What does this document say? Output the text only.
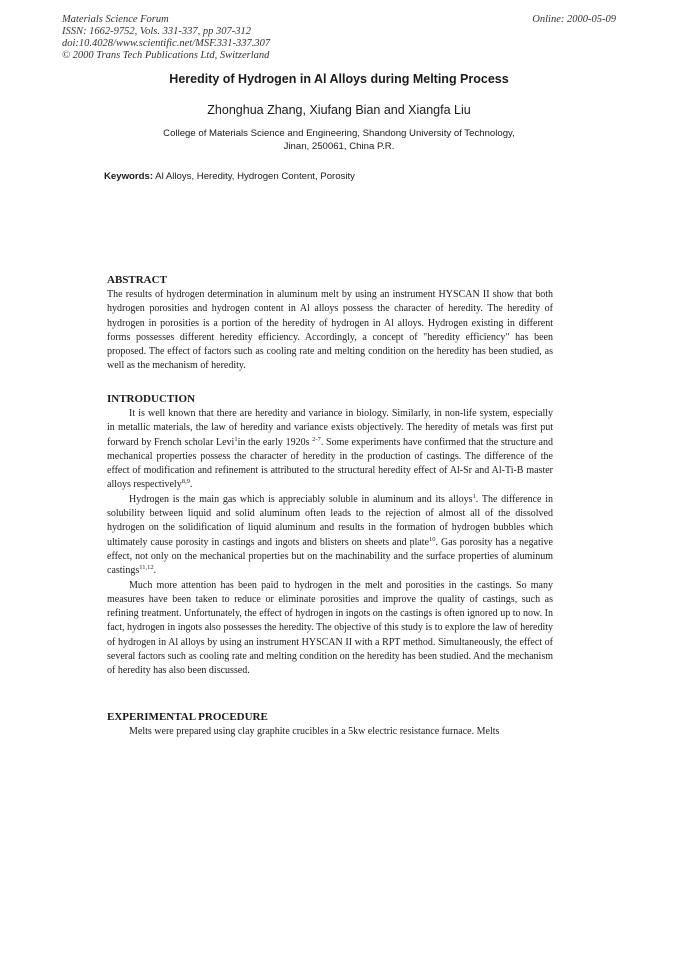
Materials Science Forum
ISSN: 1662-9752, Vols. 331-337, pp 307-312
doi:10.4028/www.scientific.net/MSF.331-337.307
© 2000 Trans Tech Publications Ltd, Switzerland
Online: 2000-05-09
Heredity of Hydrogen in Al Alloys during Melting Process
Zhonghua Zhang, Xiufang Bian and Xiangfa Liu
College of Materials Science and Engineering, Shandong University of Technology,
Jinan, 250061, China P.R.
Keywords: Al Alloys, Heredity, Hydrogen Content, Porosity
ABSTRACT

The results of hydrogen determination in aluminum melt by using an instrument HYSCAN II show that both hydrogen porosities and hydrogen content in Al alloys possess the character of heredity. The heredity of hydrogen in porosities is a portion of the heredity of hydrogen in Al alloys. Hydrogen existing in different forms possesses different heredity efficiency. Accordingly, a concept of "heredity efficiency" has been proposed. The effect of factors such as cooling rate and melting condition on the heredity has been studied, as well as the mechanism of heredity.

INTRODUCTION

It is well known that there are heredity and variance in biology. Similarly, in non-life system, especially in metallic materials, the law of heredity and variance exists objectively. The heredity of metals was first put forward by French scholar Levi$^1$in the early 1920s $^{2-7}$. Some experiments have confirmed that the structure and mechanical properties possess the character of heredity in the production of castings. The difference of the effect of modification and refinement is attributed to the structural heredity effect of Al-Sr and Al-Ti-B master alloys respectively$^{8,9}$.

Hydrogen is the main gas which is appreciably soluble in aluminum and its alloys$^1$. The difference in solubility between liquid and solid aluminum often leads to the rejection of almost all of the dissolved hydrogen on the solidification of liquid aluminum and results in the formation of hydrogen bubbles which ultimately cause porosity in castings and ingots and blisters on sheets and plate$^{10}$. Gas porosity has a negative effect, not only on the mechanical properties but on the machinability and the surface properties of aluminum castings$^{11,12}$.

Much more attention has been paid to hydrogen in the melt and porosities in the castings. So many measures have been taken to reduce or eliminate porosities and improve the quality of castings, such as refining treatment. Unfortunately, the effect of hydrogen in ingots on the castings is often ignored up to now. In fact, hydrogen in ingots also possesses the heredity. The objective of this study is to explore the law of heredity of hydrogen in Al alloys by using an instrument HYSCAN II with a RPT method. Simultaneously, the effect of several factors such as cooling rate and melting condition on the heredity has been studied. And the mechanism of heredity has also been discussed.

EXPERIMENTAL PROCEDURE

Melts were prepared using clay graphite crucibles in a 5kw electric resistance furnace. Melts
